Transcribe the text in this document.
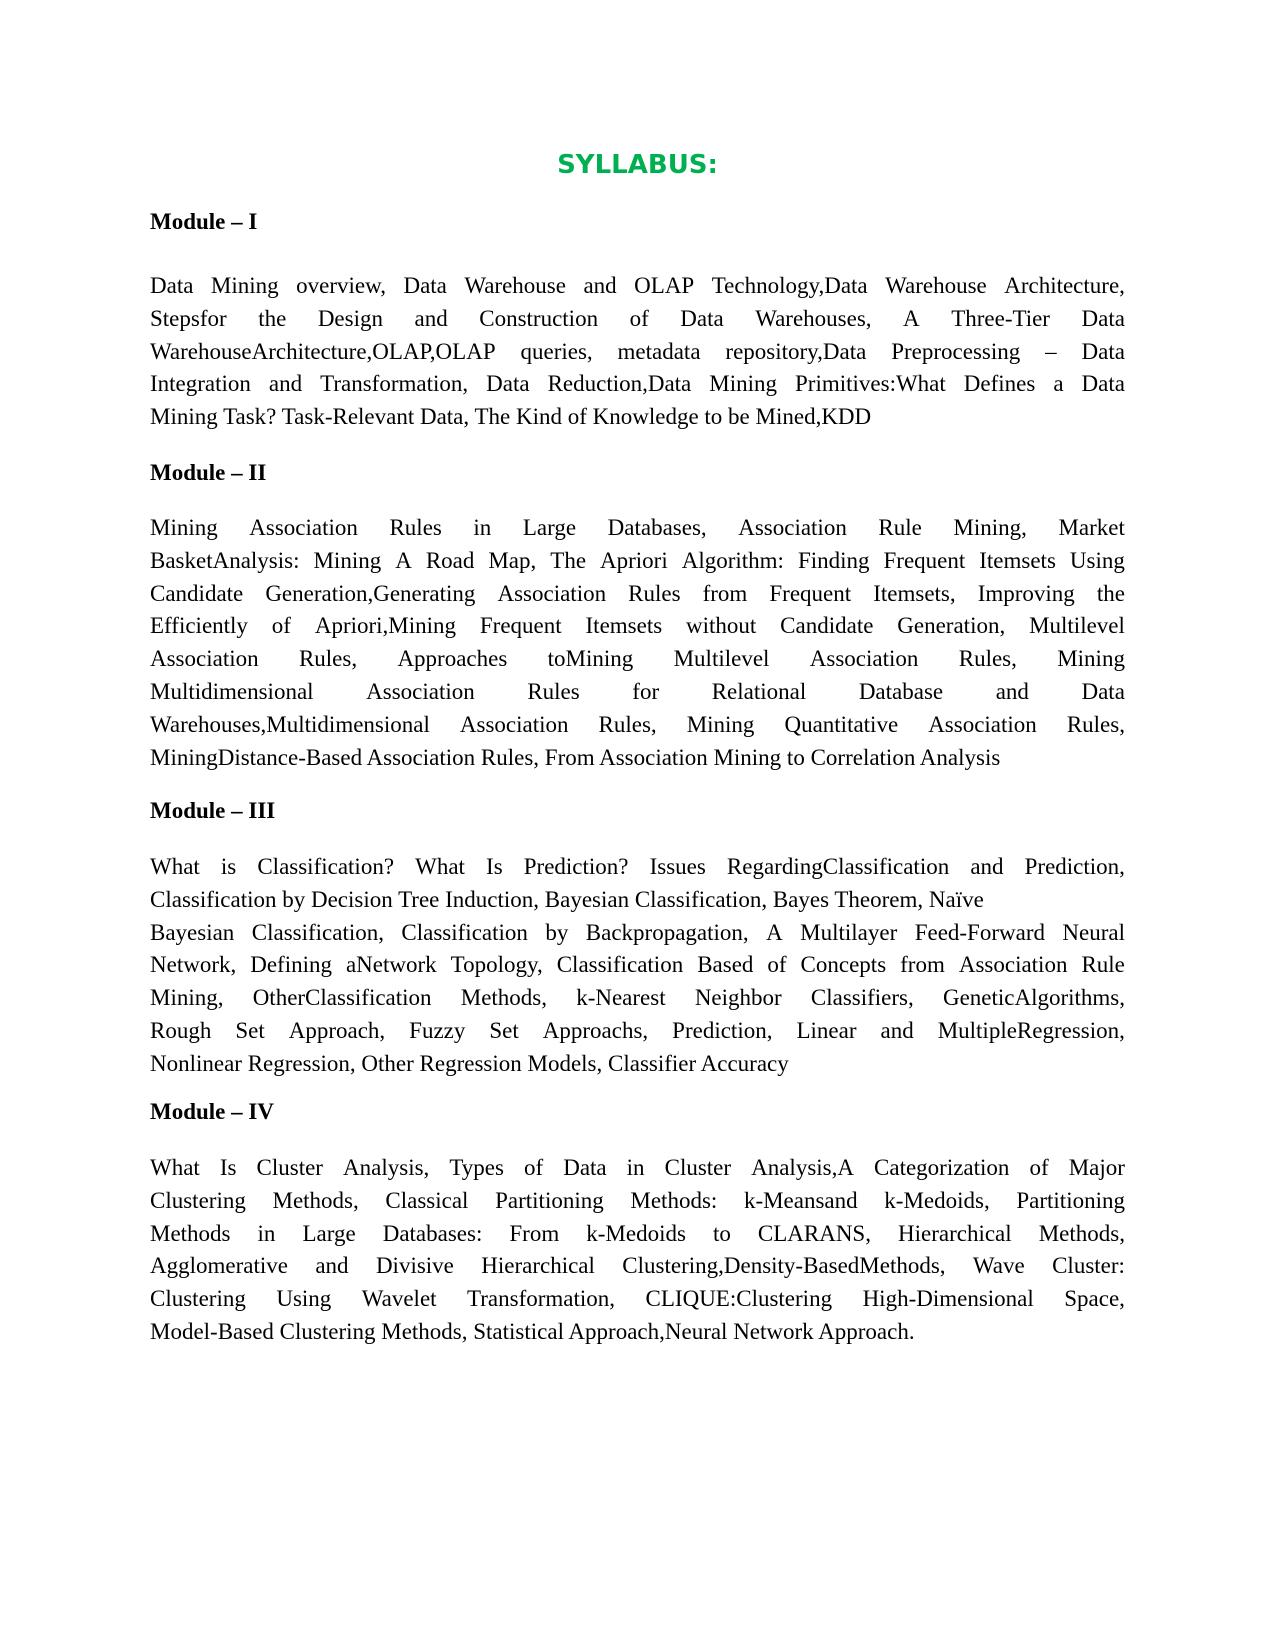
SYLLABUS:
Module – I
Data Mining overview, Data Warehouse and OLAP Technology,Data Warehouse Architecture,
Stepsfor the Design and Construction of Data Warehouses, A Three-Tier Data
WarehouseArchitecture,OLAP,OLAP queries, metadata repository,Data Preprocessing – Data
Integration and Transformation, Data Reduction,Data Mining Primitives:What Defines a Data
Mining Task? Task-Relevant Data, The Kind of Knowledge to be Mined,KDD
Module – II
Mining Association Rules in Large Databases, Association Rule Mining, Market
BasketAnalysis: Mining A Road Map, The Apriori Algorithm: Finding Frequent Itemsets Using
Candidate Generation,Generating Association Rules from Frequent Itemsets, Improving the
Efficiently of Apriori,Mining Frequent Itemsets without Candidate Generation, Multilevel
Association Rules, Approaches toMining Multilevel Association Rules, Mining
Multidimensional Association Rules for Relational Database and Data
Warehouses,Multidimensional Association Rules, Mining Quantitative Association Rules,
MiningDistance-Based Association Rules, From Association Mining to Correlation Analysis
Module – III
What is Classification? What Is Prediction? Issues RegardingClassification and Prediction,
Classification by Decision Tree Induction, Bayesian Classification, Bayes Theorem, Naïve
Bayesian Classification, Classification by Backpropagation, A Multilayer Feed-Forward Neural
Network, Defining aNetwork Topology, Classification Based of Concepts from Association Rule
Mining, OtherClassification Methods, k-Nearest Neighbor Classifiers, GeneticAlgorithms,
Rough Set Approach, Fuzzy Set Approachs, Prediction, Linear and MultipleRegression,
Nonlinear Regression, Other Regression Models, Classifier Accuracy
Module – IV
What Is Cluster Analysis, Types of Data in Cluster Analysis,A Categorization of Major
Clustering Methods, Classical Partitioning Methods: k-Meansand k-Medoids, Partitioning
Methods in Large Databases: From k-Medoids to CLARANS, Hierarchical Methods,
Agglomerative and Divisive Hierarchical Clustering,Density-BasedMethods, Wave Cluster:
Clustering Using Wavelet Transformation, CLIQUE:Clustering High-Dimensional Space,
Model-Based Clustering Methods, Statistical Approach,Neural Network Approach.
